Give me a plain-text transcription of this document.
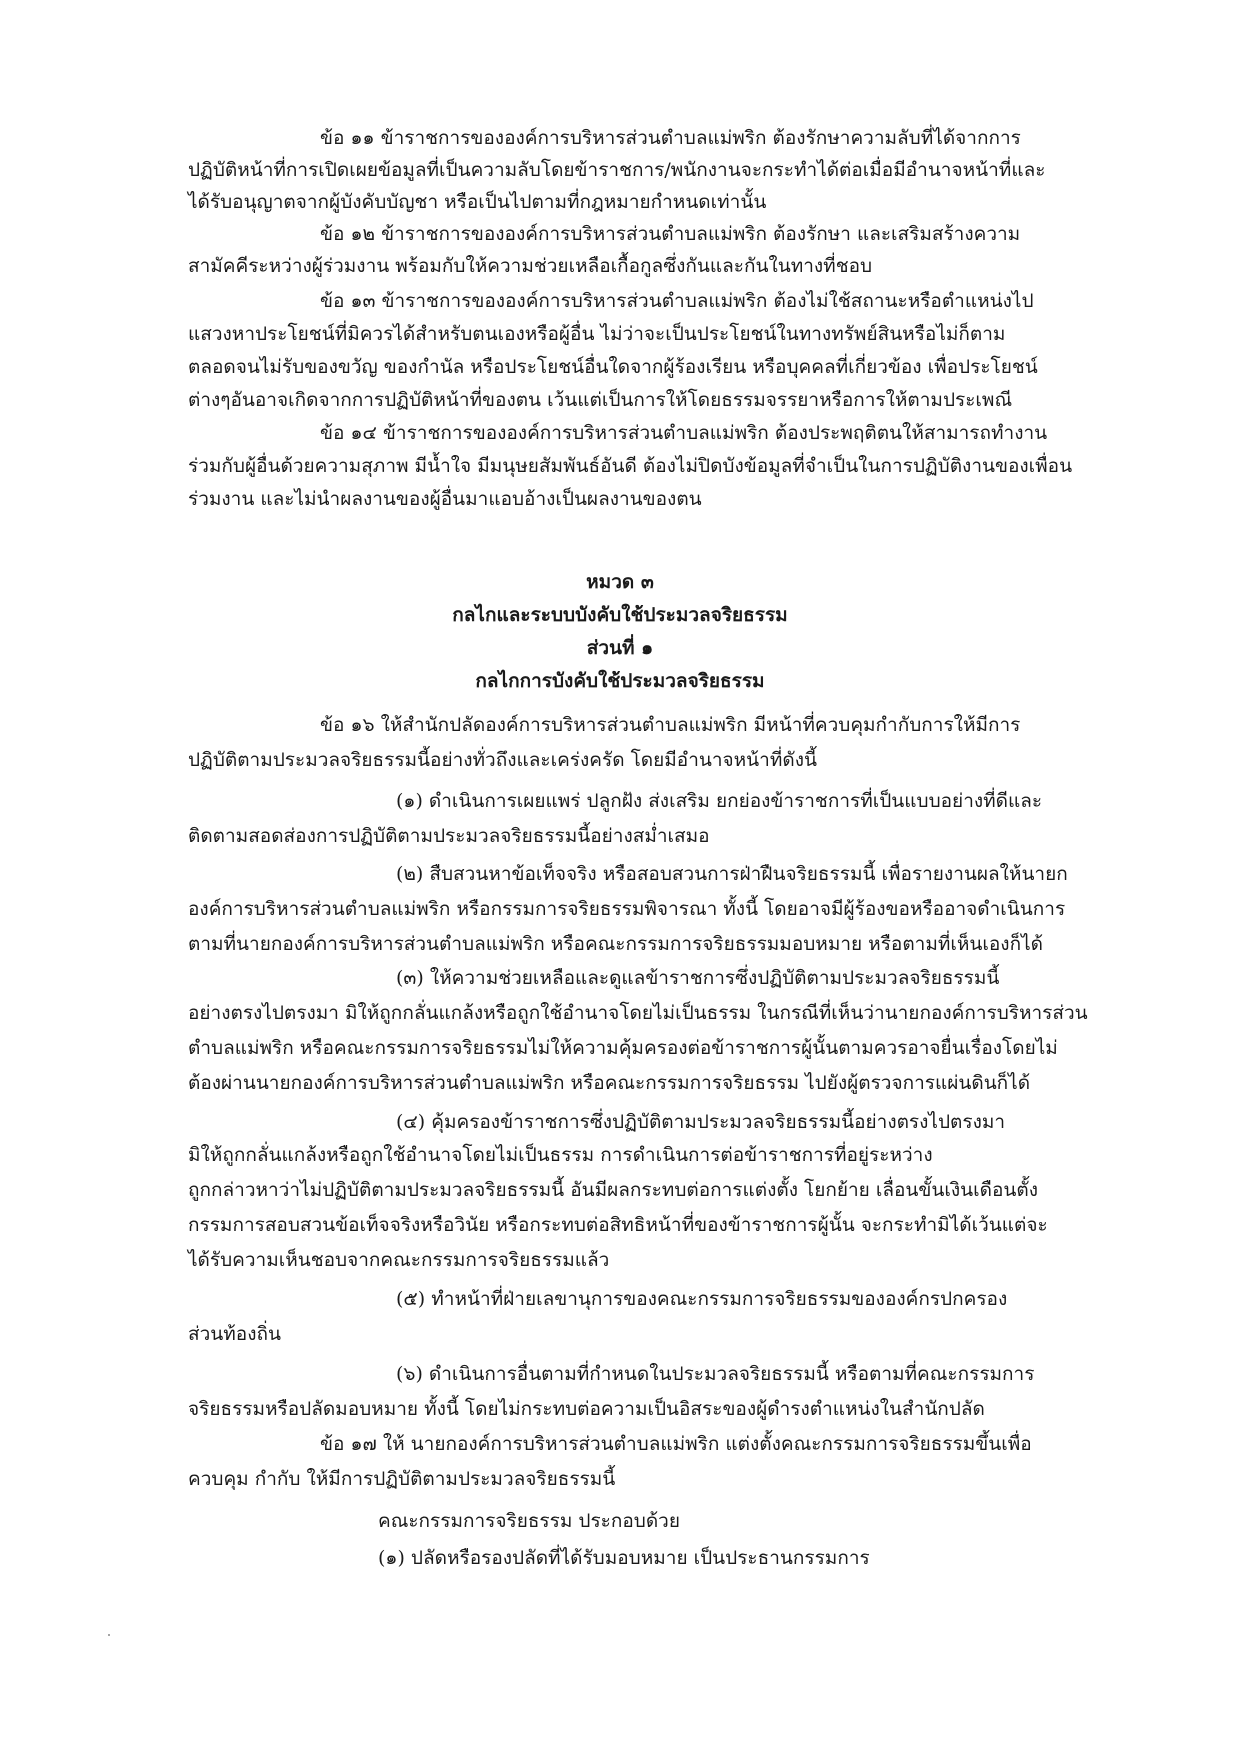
ข้อ ๑๑ ข้าราชการขององค์การบริหารส่วนตำบลแม่พริก ต้องรักษาความลับที่ได้จากการ

ปฏิบัติหน้าที่การเปิดเผยข้อมูลที่เป็นความลับโดยข้าราชการ/พนักงานจะกระทำได้ต่อเมื่อมีอำนาจหน้าที่และ

ได้รับอนุญาตจากผู้บังคับบัญชา หรือเป็นไปตามที่กฎหมายกำหนดเท่านั้น

ข้อ ๑๒ ข้าราชการขององค์การบริหารส่วนตำบลแม่พริก ต้องรักษา และเสริมสร้างความ

สามัคคีระหว่างผู้ร่วมงาน พร้อมกับให้ความช่วยเหลือเกื้อกูลซึ่งกันและกันในทางที่ชอบ

ข้อ ๑๓ ข้าราชการขององค์การบริหารส่วนตำบลแม่พริก ต้องไม่ใช้สถานะหรือตำแหน่งไป

แสวงหาประโยชน์ที่มิควรได้สำหรับตนเองหรือผู้อื่น ไม่ว่าจะเป็นประโยชน์ในทางทรัพย์สินหรือไม่ก็ตาม

ตลอดจนไม่รับของขวัญ ของกำนัล หรือประโยชน์อื่นใดจากผู้ร้องเรียน หรือบุคคลที่เกี่ยวข้อง เพื่อประโยชน์

ต่างๆอันอาจเกิดจากการปฏิบัติหน้าที่ของตน เว้นแต่เป็นการให้โดยธรรมจรรยาหรือการให้ตามประเพณี

ข้อ ๑๔ ข้าราชการขององค์การบริหารส่วนตำบลแม่พริก ต้องประพฤติตนให้สามารถทำงาน

ร่วมกับผู้อื่นด้วยความสุภาพ มีน้ำใจ มีมนุษยสัมพันธ์อันดี ต้องไม่ปิดบังข้อมูลที่จำเป็นในการปฏิบัติงานของเพื่อน

ร่วมงาน และไม่นำผลงานของผู้อื่นมาแอบอ้างเป็นผลงานของตน

หมวด ๓

กลไกและระบบบังคับใช้ประมวลจริยธรรม

ส่วนที่ ๑

กลไกการบังคับใช้ประมวลจริยธรรม

ข้อ ๑๖ ให้สำนักปลัดองค์การบริหารส่วนตำบลแม่พริก มีหน้าที่ควบคุมกำกับการให้มีการ

ปฏิบัติตามประมวลจริยธรรมนี้อย่างทั่วถึงและเคร่งครัด โดยมีอำนาจหน้าที่ดังนี้

(๑) ดำเนินการเผยแพร่ ปลูกฝัง ส่งเสริม ยกย่องข้าราชการที่เป็นแบบอย่างที่ดีและ

ติดตามสอดส่องการปฏิบัติตามประมวลจริยธรรมนี้อย่างสม่ำเสมอ

(๒) สืบสวนหาข้อเท็จจริง หรือสอบสวนการฝ่าฝืนจริยธรรมนี้ เพื่อรายงานผลให้นายก

องค์การบริหารส่วนตำบลแม่พริก หรือกรรมการจริยธรรมพิจารณา ทั้งนี้ โดยอาจมีผู้ร้องขอหรืออาจดำเนินการ

ตามที่นายกองค์การบริหารส่วนตำบลแม่พริก หรือคณะกรรมการจริยธรรมมอบหมาย หรือตามที่เห็นเองก็ได้

(๓) ให้ความช่วยเหลือและดูแลข้าราชการซึ่งปฏิบัติตามประมวลจริยธรรมนี้

อย่างตรงไปตรงมา มิให้ถูกกลั่นแกล้งหรือถูกใช้อำนาจโดยไม่เป็นธรรม ในกรณีที่เห็นว่านายกองค์การบริหารส่วน

ตำบลแม่พริก หรือคณะกรรมการจริยธรรมไม่ให้ความคุ้มครองต่อข้าราชการผู้นั้นตามควรอาจยื่นเรื่องโดยไม่

ต้องผ่านนายกองค์การบริหารส่วนตำบลแม่พริก หรือคณะกรรมการจริยธรรม ไปยังผู้ตรวจการแผ่นดินก็ได้

(๔) คุ้มครองข้าราชการซึ่งปฏิบัติตามประมวลจริยธรรมนี้อย่างตรงไปตรงมา

มิให้ถูกกลั่นแกล้งหรือถูกใช้อำนาจโดยไม่เป็นธรรม การดำเนินการต่อข้าราชการที่อยู่ระหว่าง

ถูกกล่าวหาว่าไม่ปฏิบัติตามประมวลจริยธรรมนี้ อันมีผลกระทบต่อการแต่งตั้ง โยกย้าย เลื่อนขั้นเงินเดือนตั้ง

กรรมการสอบสวนข้อเท็จจริงหรือวินัย หรือกระทบต่อสิทธิหน้าที่ของข้าราชการผู้นั้น จะกระทำมิได้เว้นแต่จะ

ได้รับความเห็นชอบจากคณะกรรมการจริยธรรมแล้ว

(๕) ทำหน้าที่ฝ่ายเลขานุการของคณะกรรมการจริยธรรมขององค์กรปกครอง

ส่วนท้องถิ่น

(๖) ดำเนินการอื่นตามที่กำหนดในประมวลจริยธรรมนี้ หรือตามที่คณะกรรมการ

จริยธรรมหรือปลัดมอบหมาย ทั้งนี้ โดยไม่กระทบต่อความเป็นอิสระของผู้ดำรงตำแหน่งในสำนักปลัด

ข้อ ๑๗ ให้ นายกองค์การบริหารส่วนตำบลแม่พริก แต่งตั้งคณะกรรมการจริยธรรมขึ้นเพื่อ

ควบคุม กำกับ ให้มีการปฏิบัติตามประมวลจริยธรรมนี้

คณะกรรมการจริยธรรม ประกอบด้วย

(๑) ปลัดหรือรองปลัดที่ได้รับมอบหมาย เป็นประธานกรรมการ
